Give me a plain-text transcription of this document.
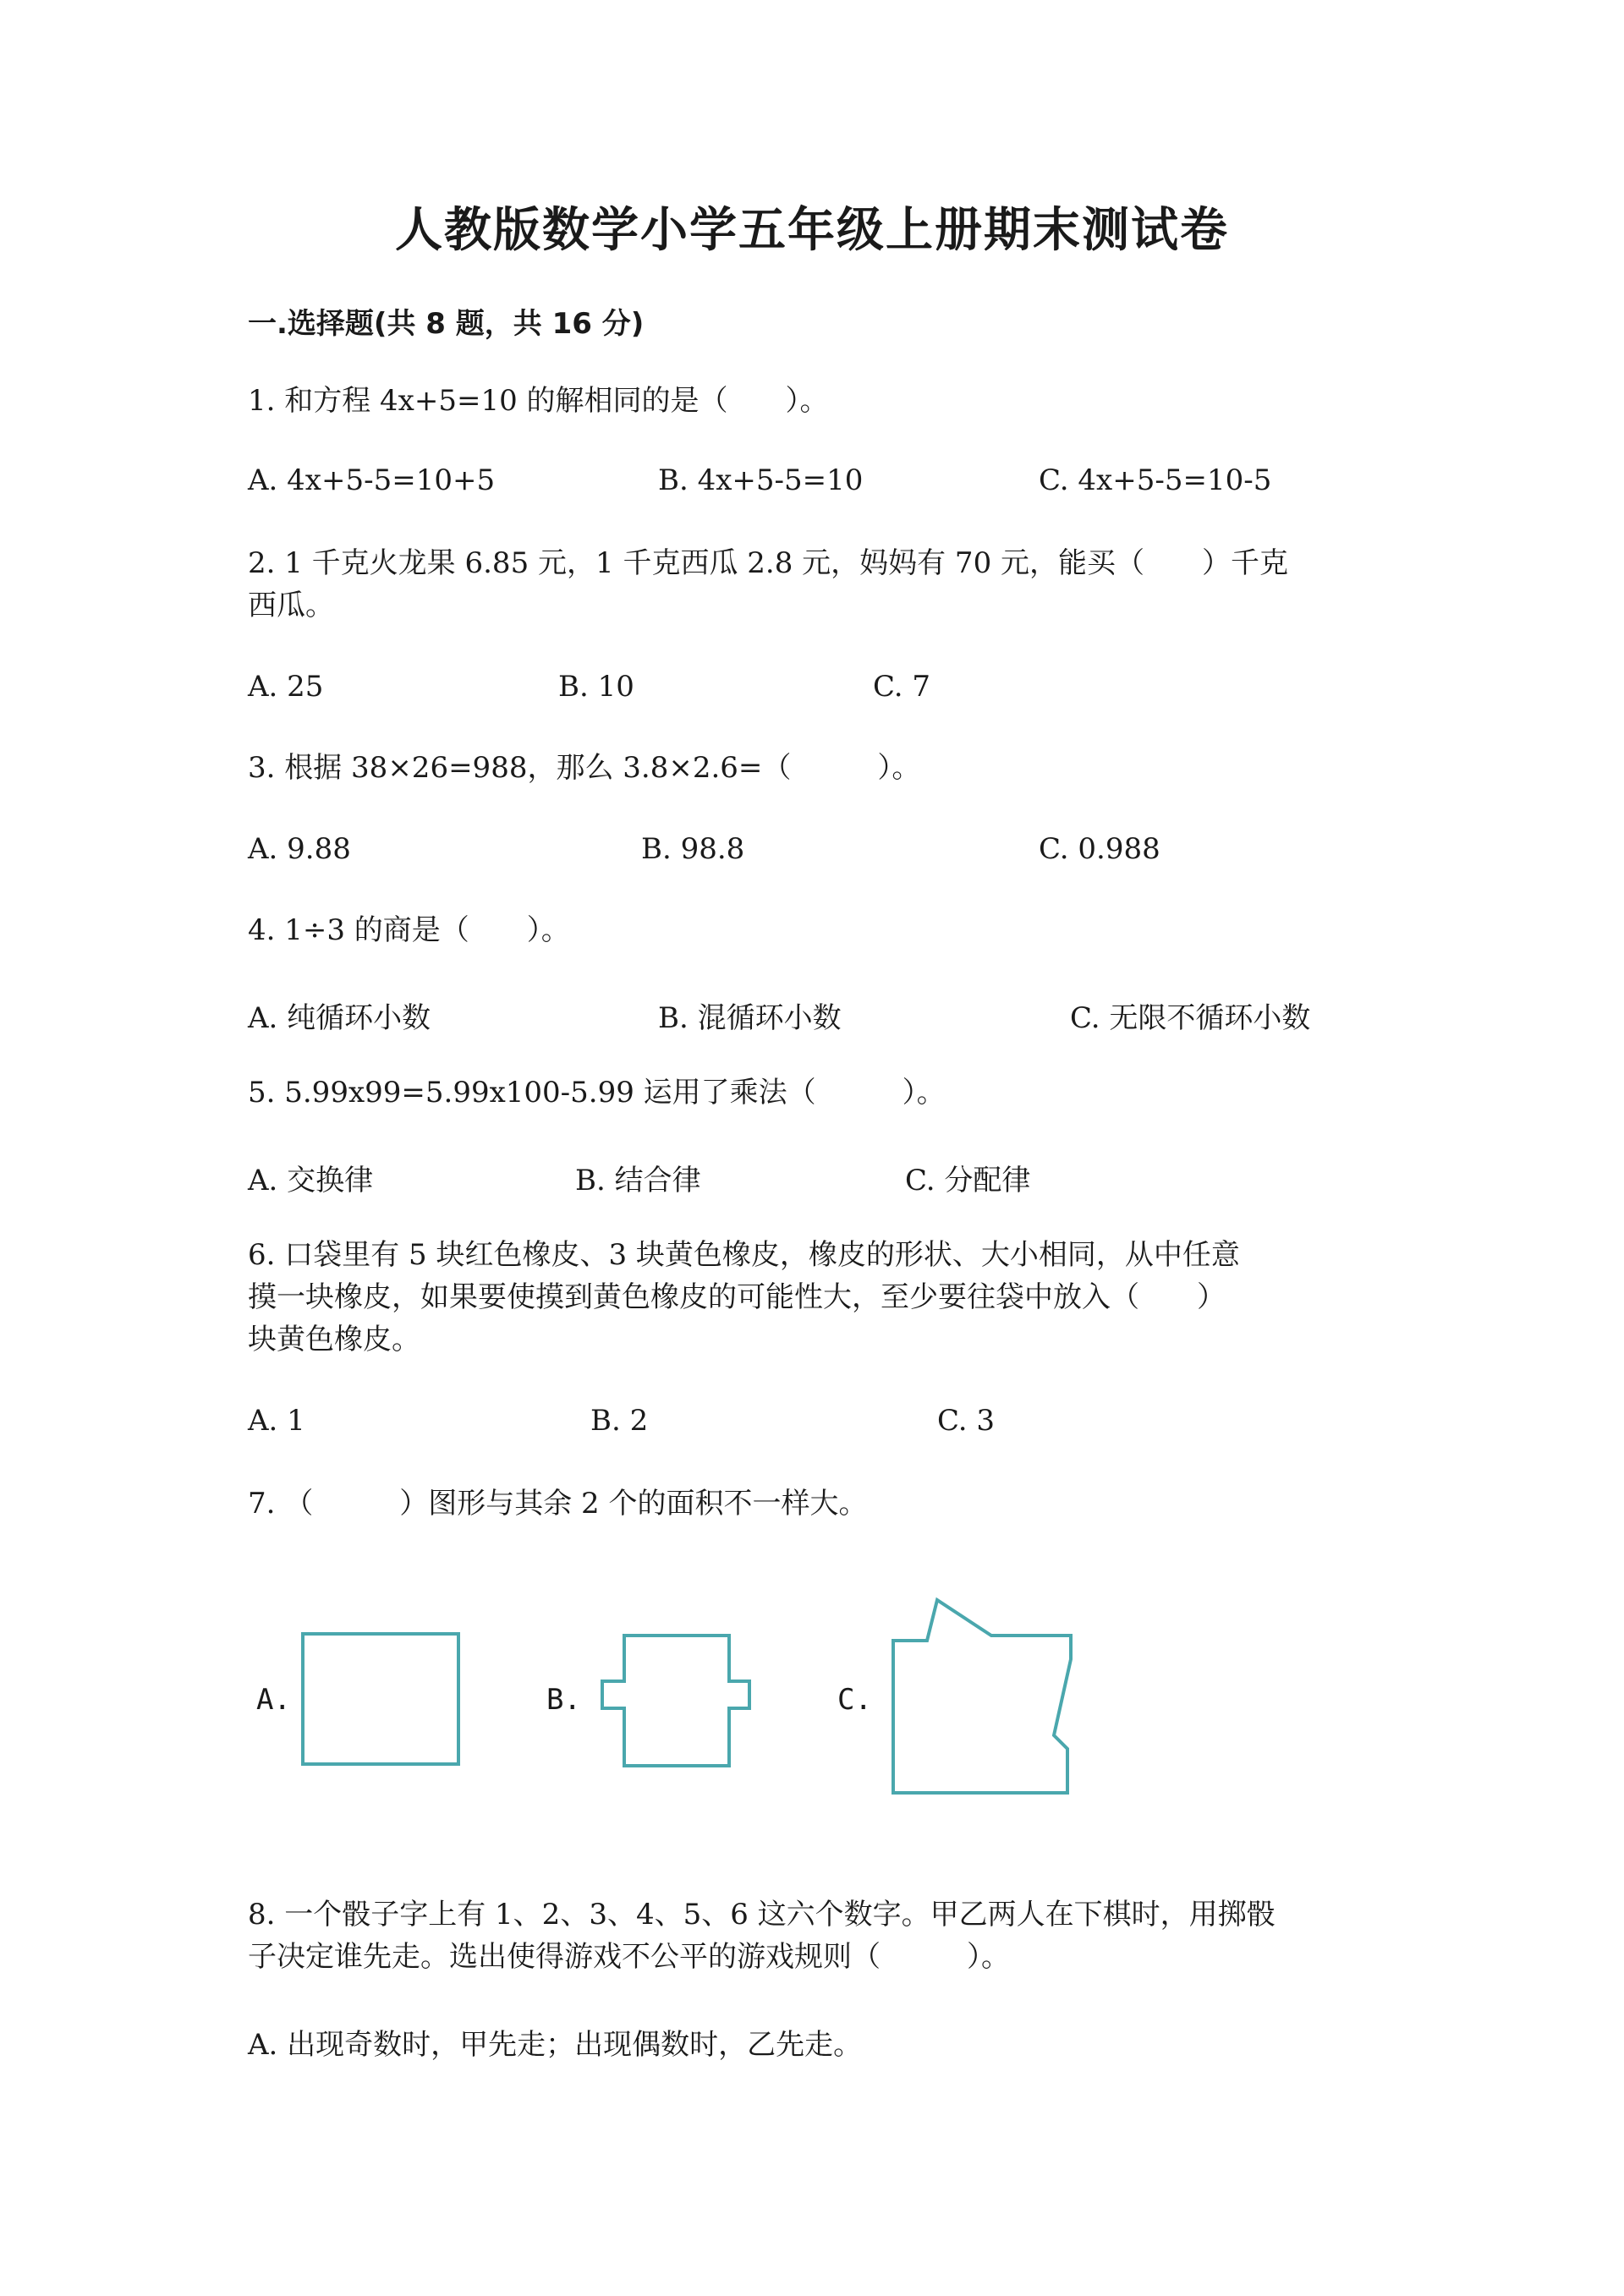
人教版数学小学五年级上册期末测试卷
一.选择题(共 8 题，共 16 分)
1. 和方程 4x+5=10 的解相同的是（　　）。
A. 4x+5-5=10+5	B. 4x+5-5=10	C. 4x+5-5=10-5
2. 1 千克火龙果 6.85 元，1 千克西瓜 2.8 元，妈妈有 70 元，能买（　　）千克
西瓜。
A. 25	B. 10	C. 7
3. 根据 38×26=988，那么 3.8×2.6=（　　　）。
A. 9.88	B. 98.8	C. 0.988
4. 1÷3 的商是（　　）。
A. 纯循环小数	B. 混循环小数	C. 无限不循环小数
5. 5.99x99=5.99x100-5.99 运用了乘法（　　　）。
A. 交换律	B. 结合律	C. 分配律
6. 口袋里有 5 块红色橡皮、3 块黄色橡皮，橡皮的形状、大小相同，从中任意
摸一块橡皮，如果要使摸到黄色橡皮的可能性大，至少要往袋中放入（　　）
块黄色橡皮。
A. 1	B. 2	C. 3
7. （　　　）图形与其余 2 个的面积不一样大。
A.	B.	C.
8. 一个骰子字上有 1、2、3、4、5、6 这六个数字。甲乙两人在下棋时，用掷骰
子决定谁先走。选出使得游戏不公平的游戏规则（　　　）。
A. 出现奇数时，甲先走；出现偶数时，乙先走。
